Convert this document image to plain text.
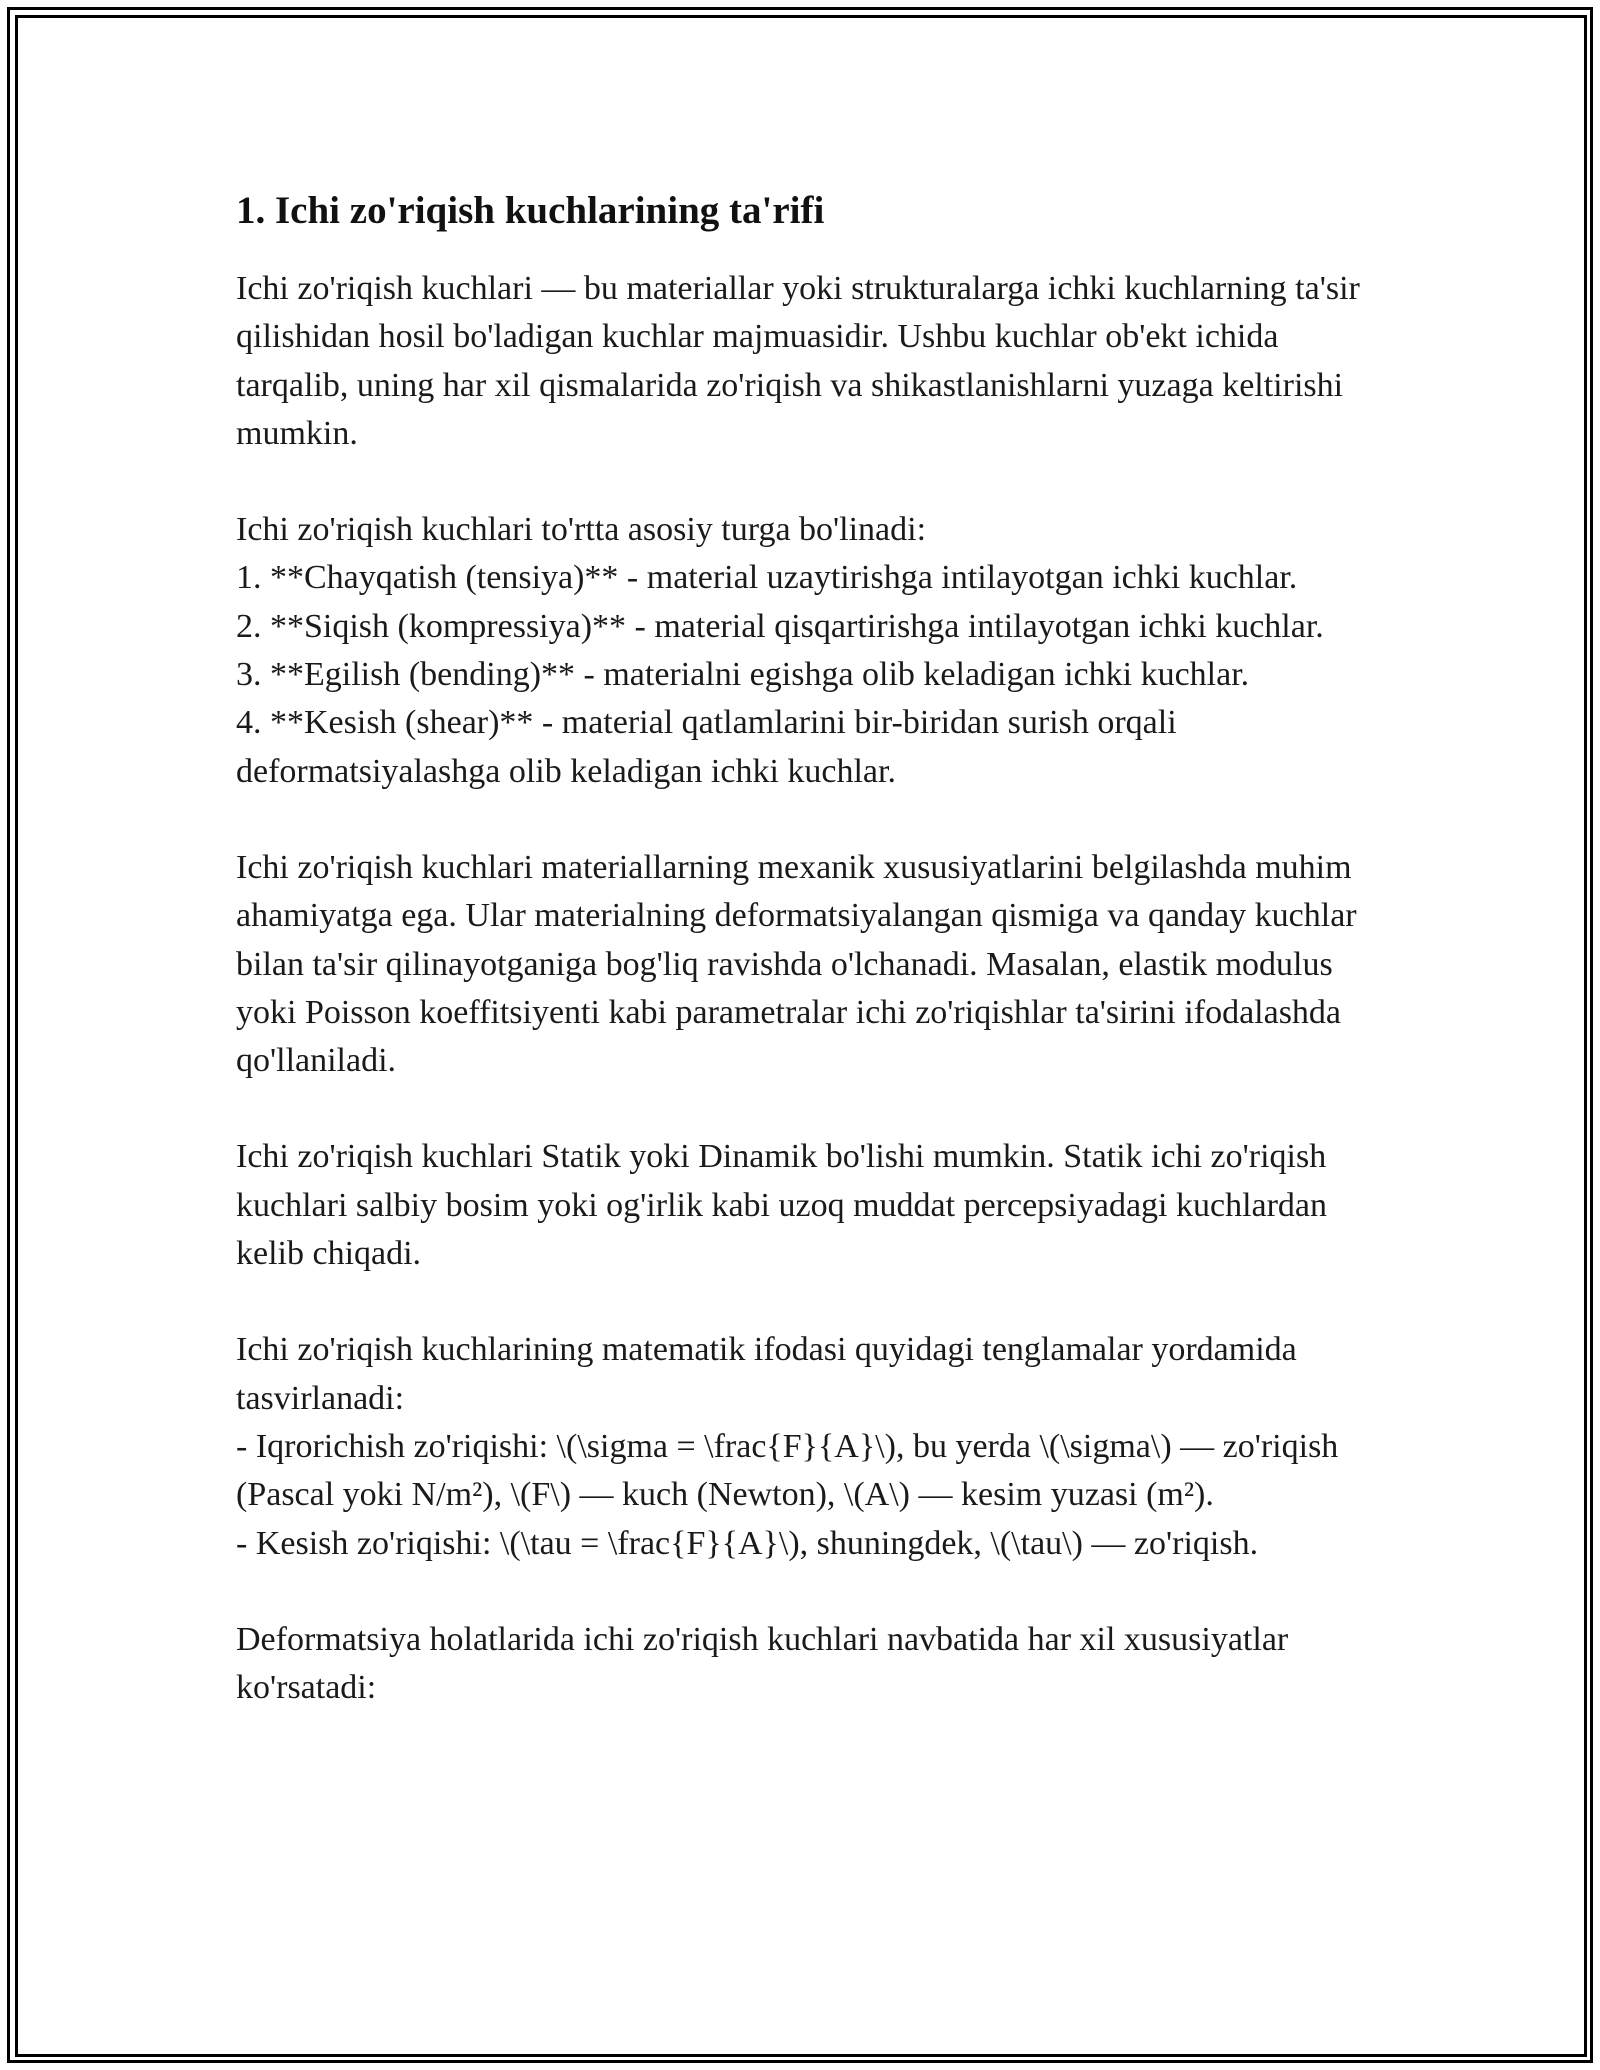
1. Ichi zo'riqish kuchlarining ta'rifi
Ichi zo'riqish kuchlari — bu materiallar yoki strukturalarga ichki kuchlarning ta'sir qilishidan hosil bo'ladigan kuchlar majmuasidir. Ushbu kuchlar ob'ekt ichida tarqalib, uning har xil qismalarida zo'riqish va shikastlanishlarni yuzaga keltirishi mumkin.
Ichi zo'riqish kuchlari to'rtta asosiy turga bo'linadi:
1. **Chayqatish (tensiya)** - material uzaytirishga intilayotgan ichki kuchlar.
2. **Siqish (kompressiya)** - material qisqartirishga intilayotgan ichki kuchlar.
3. **Egilish (bending)** - materialni egishga olib keladigan ichki kuchlar.
4. **Kesish (shear)** - material qatlamlarini bir-biridan surish orqali deformatsiyalashga olib keladigan ichki kuchlar.
Ichi zo'riqish kuchlari materiallarning mexanik xususiyatlarini belgilashda muhim ahamiyatga ega. Ular materialning deformatsiyalangan qismiga va qanday kuchlar bilan ta'sir qilinayotganiga bog'liq ravishda o'lchanadi. Masalan, elastik modulus yoki Poisson koeffitsiyenti kabi parametralar ichi zo'riqishlar ta'sirini ifodalashda qo'llaniladi.
Ichi zo'riqish kuchlari Statik yoki Dinamik bo'lishi mumkin. Statik ichi zo'riqish kuchlari salbiy bosim yoki og'irlik kabi uzoq muddat percepsiyadagi kuchlardan kelib chiqadi.
Ichi zo'riqish kuchlarining matematik ifodasi quyidagi tenglamalar yordamida tasvirlanadi:
- Iqrorichish zo'riqishi: \(\sigma = \frac{F}{A}\), bu yerda \(\sigma\) — zo'riqish (Pascal yoki N/m²), \(F\) — kuch (Newton), \(A\) — kesim yuzasi (m²).
- Kesish zo'riqishi: \(\tau = \frac{F}{A}\), shuningdek, \(\tau\) — zo'riqish.
Deformatsiya holatlarida ichi zo'riqish kuchlari navbatida har xil xususiyatlar ko'rsatadi:
